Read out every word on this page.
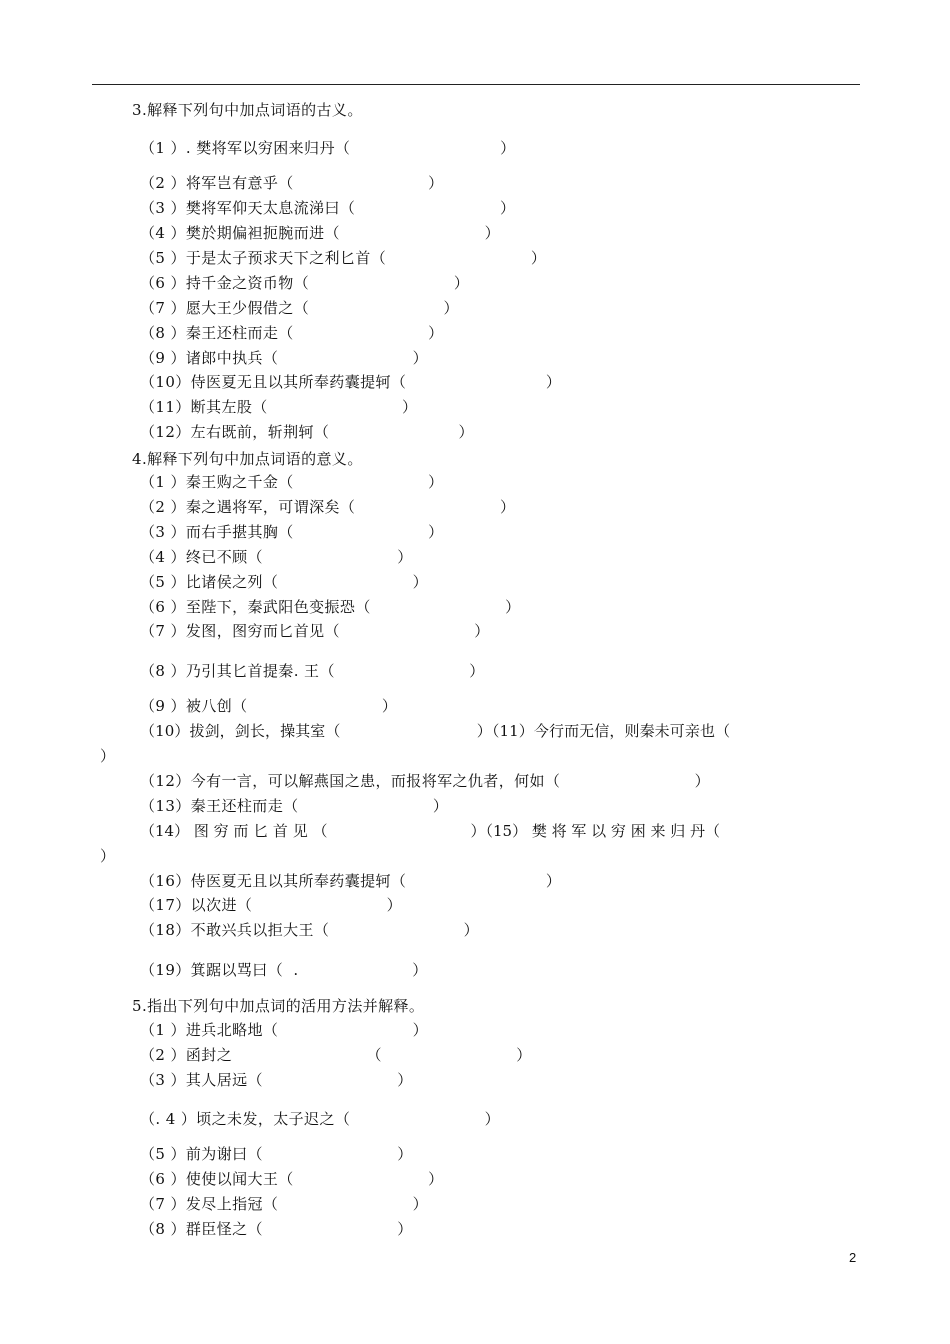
3.解释下列句中加点词语的古义。
（1 ）. 樊将军以穷困来归丹（                             ）
（2 ）将军岂有意乎（                          ）
（3 ）樊将军仰天太息流涕曰（                            ）
（4 ）樊於期偏袒扼腕而进（                            ）
（5 ）于是太子预求天下之利匕首（                            ）
（6 ）持千金之资币物（                            ）
（7 ）愿大王少假借之（                          ）
（8 ）秦王还柱而走（                          ）
（9 ）诸郎中执兵（                          ）
（10）侍医夏无且以其所奉药囊提轲（                           ）
（11）断其左股（                          ）
（12）左右既前，斩荆轲（                         ）
4.解释下列句中加点词语的意义。
（1 ）秦王购之千金（                          ）
（2 ）秦之遇将军，可谓深矣（                            ）
（3 ）而右手揕其胸（                          ）
（4 ）终已不顾（                          ）
（5 ）比诸侯之列（                          ）
（6 ）至陛下，秦武阳色变振恐（                          ）
（7 ）发图，图穷而匕首见（                          ）
（8 ）乃引其匕首提秦. 王（                          ）
（9 ）被八创（                          ）
（10）拔剑，剑长，操其室（                            ）（11）今行而无信，则秦未可亲也（
）
（12）今有一言，可以解燕国之患，而报将军之仇者，何如（                          ）
（13）秦王还柱而走（                          ）
（14） 图 穷 而 匕 首 见 （                              ）（15） 樊 将 军 以 穷 困 来 归 丹（
）
（16）侍医夏无且以其所奉药囊提轲（                           ）
（17）以次进（                          ）
（18）不敢兴兵以拒大王（                          ）
（19）箕踞以骂曰（  .                      ）
5.指出下列句中加点词的活用方法并解释。
（1 ）进兵北略地（                          ）
（2 ）函封之                          （                          ）
（3 ）其人居远（                          ）
（. 4 ）顷之未发，太子迟之（                          ）
（5 ）前为谢曰（                          ）
（6 ）使使以闻大王（                          ）
（7 ）发尽上指冠（                          ）
（8 ）群臣怪之（                          ）
2
